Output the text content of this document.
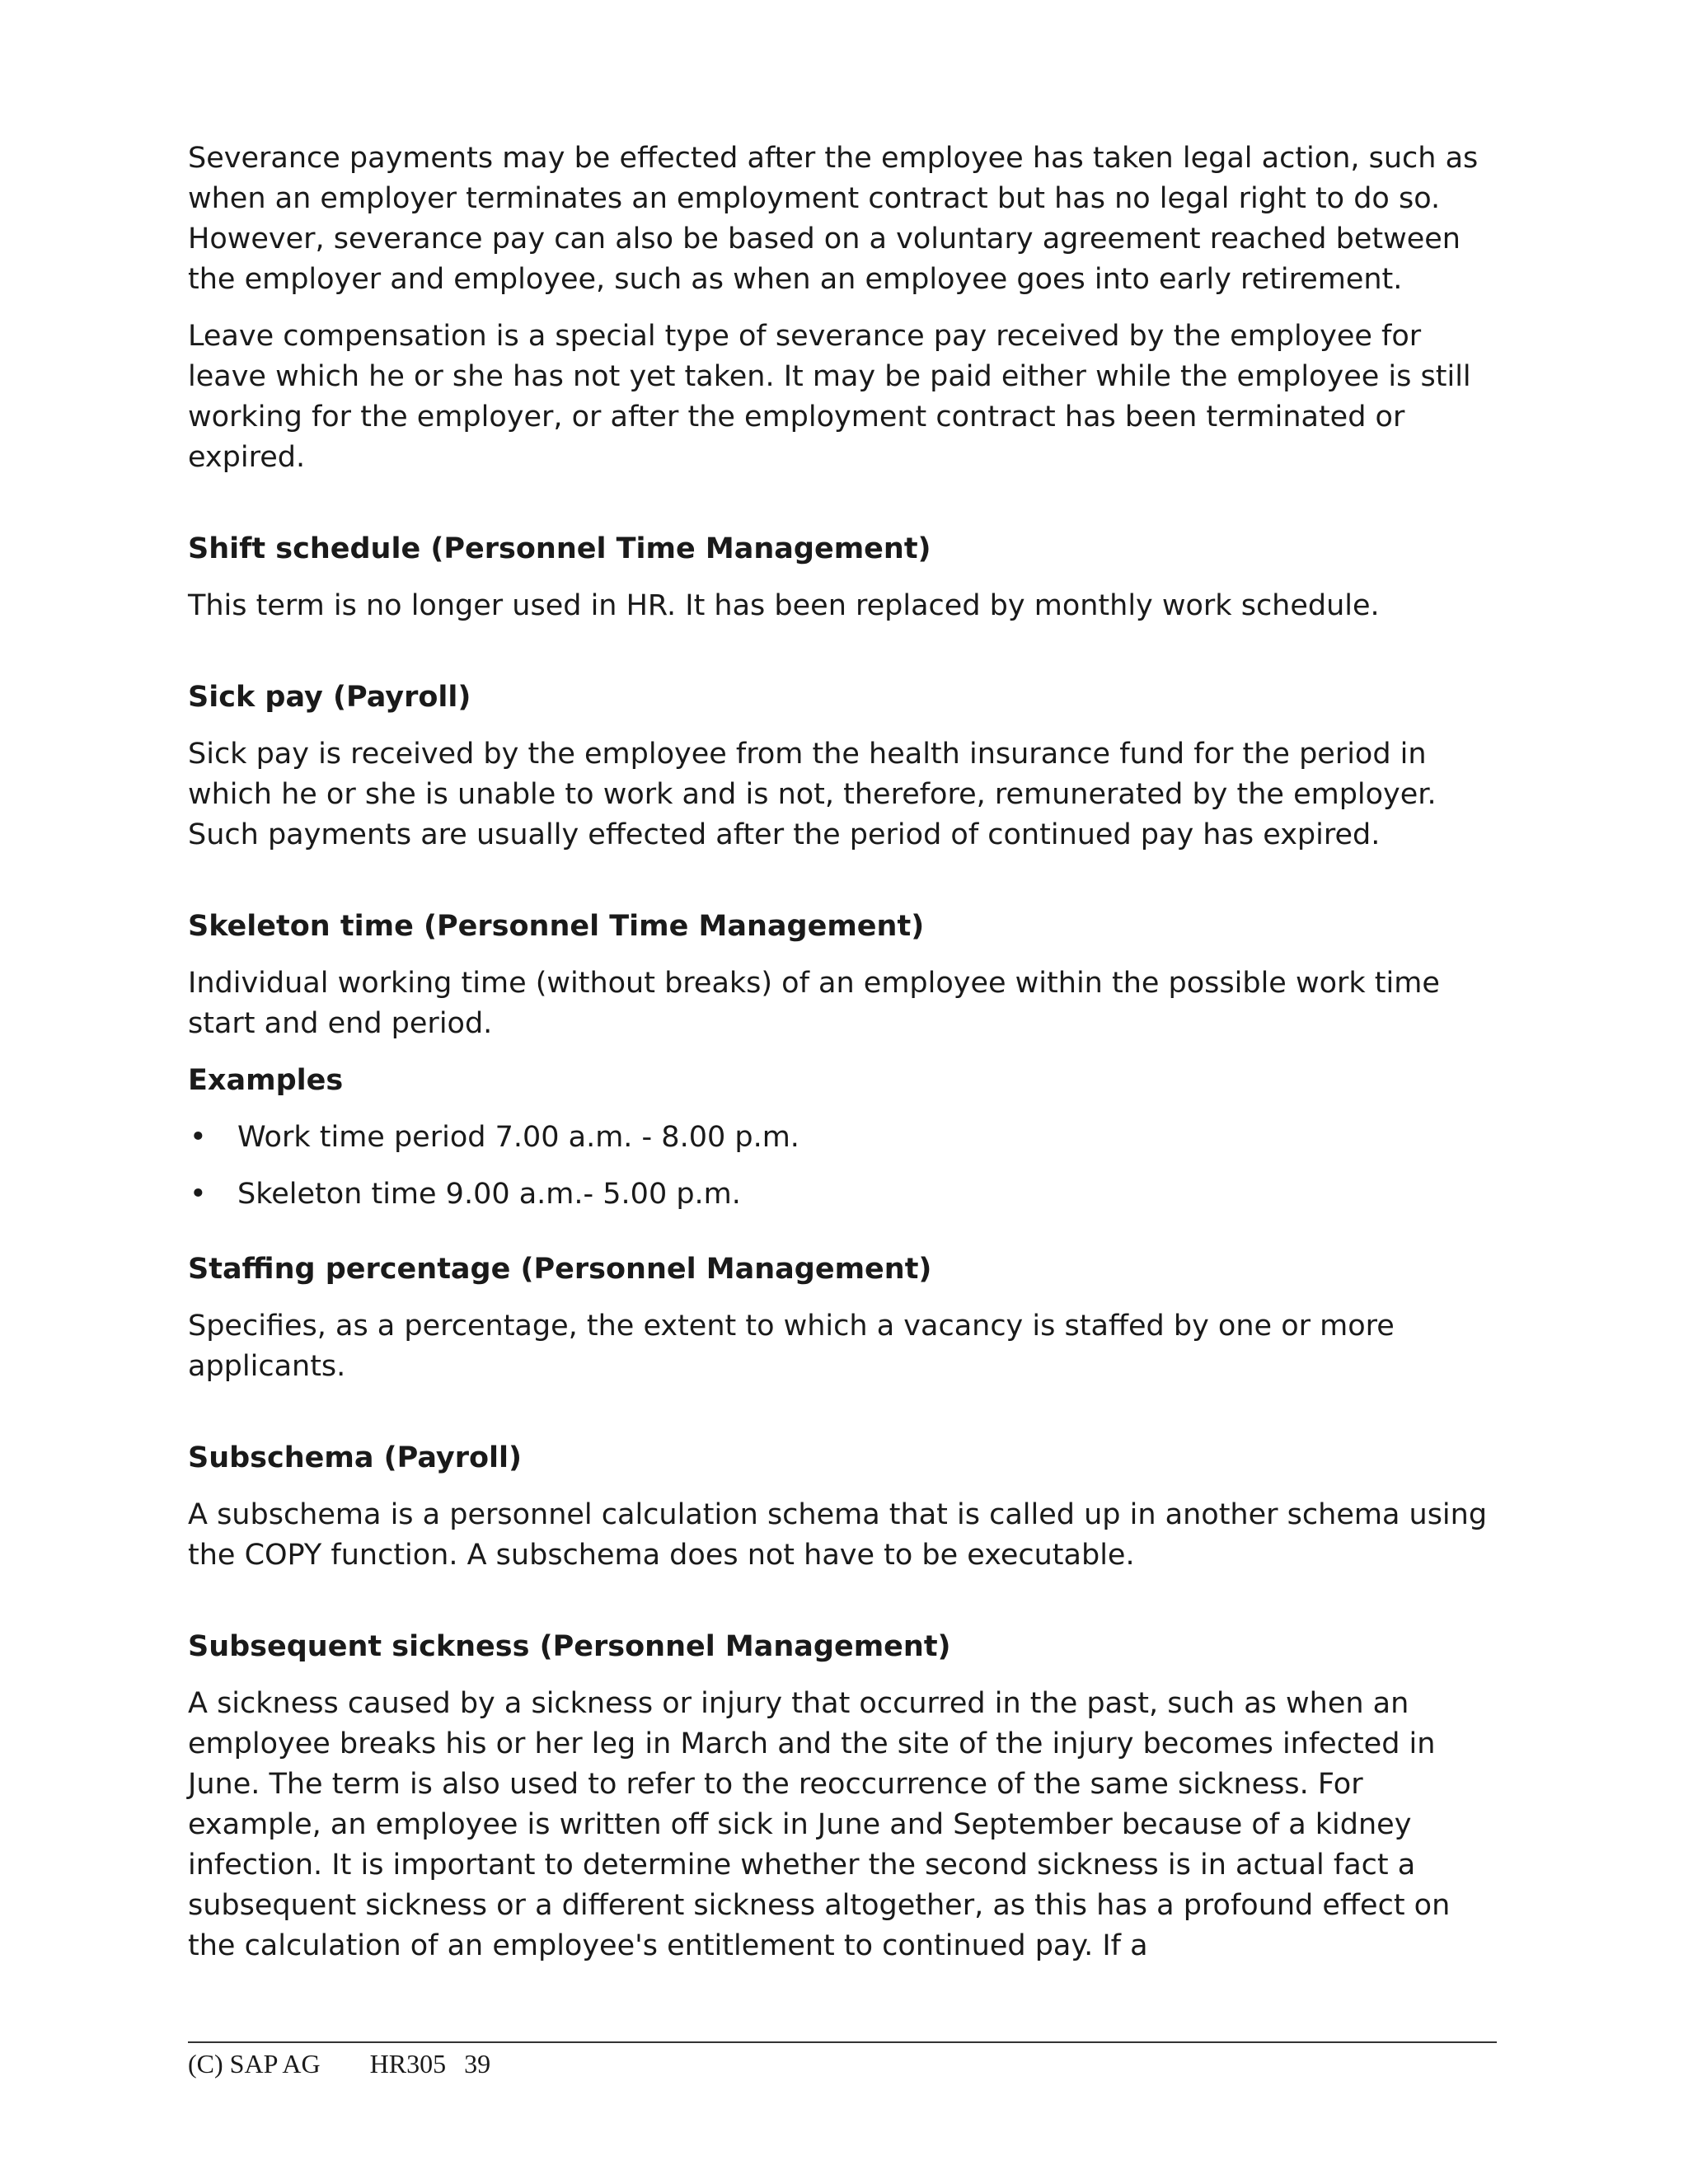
Severance payments may be effected after the employee has taken legal action, such as when an employer terminates an employment contract but has no legal right to do so. However, severance pay can also be based on a voluntary agreement reached between the employer and employee, such as when an employee goes into early retirement.

Leave compensation is a special type of severance pay received by the employee for leave which he or she has not yet taken. It may be paid either while the employee is still working for the employer, or after the employment contract has been terminated or expired.

Shift schedule (Personnel Time Management)

This term is no longer used in HR. It has been replaced by monthly work schedule.

Sick pay (Payroll)

Sick pay is received by the employee from the health insurance fund for the period in which he or she is unable to work and is not, therefore, remunerated by the employer. Such payments are usually effected after the period of continued pay has expired.

Skeleton time (Personnel Time Management)

Individual working time (without breaks) of an employee within the possible work time start and end period.

Examples
• Work time period 7.00 a.m. - 8.00 p.m.
• Skeleton time 9.00 a.m.- 5.00 p.m.
Staffing percentage (Personnel Management)

Specifies, as a percentage, the extent to which a vacancy is staffed by one or more applicants.

Subschema (Payroll)

A subschema is a personnel calculation schema that is called up in another schema using the COPY function. A subschema does not have to be executable.

Subsequent sickness (Personnel Management)

A sickness caused by a sickness or injury that occurred in the past, such as when an employee breaks his or her leg in March and the site of the injury becomes infected in June. The term is also used to refer to the reoccurrence of the same sickness. For example, an employee is written off sick in June and September because of a kidney infection. It is important to determine whether the second sickness is in actual fact a subsequent sickness or a different sickness altogether, as this has a profound effect on the calculation of an employee's entitlement to continued pay. If a

(C) SAP AG HR305 39
